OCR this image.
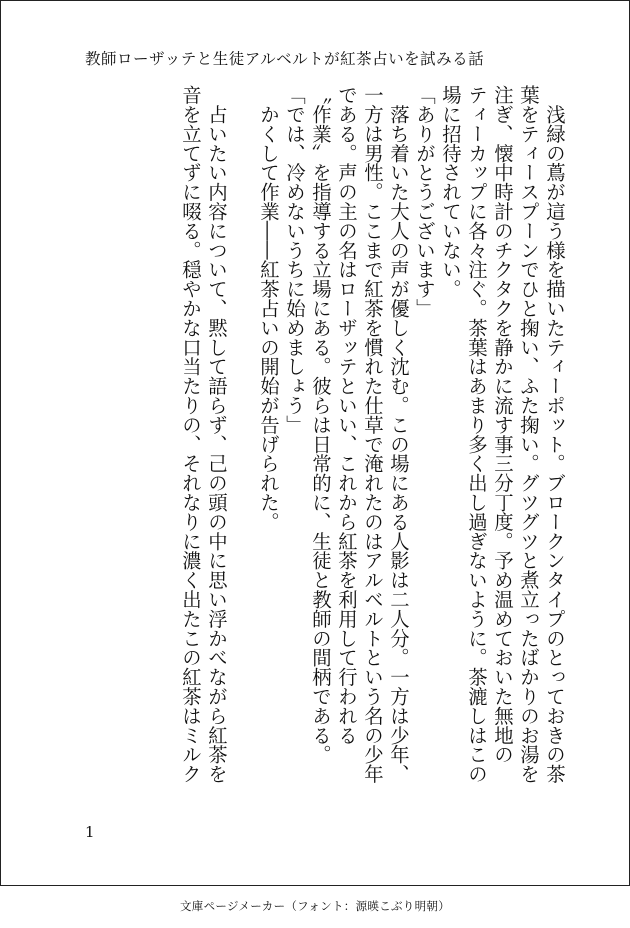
教師ローザッテと生徒アルベルトが紅茶占いを試みる話
　浅緑の蔦が這う様を描いたティーポット。ブロークンタイプのとっておきの茶
葉をティースプーンでひと掬い、ふた掬い。グツグツと煮立ったばかりのお湯を
注ぎ、懐中時計のチクタクを静かに流す事三分丁度。予め温めておいた無地の
ティーカップに各々注ぐ。茶葉はあまり多く出し過ぎないように。茶漉しはこの
場に招待されていない。
「ありがとうございます」
　落ち着いた大人の声が優しく沈む。この場にある人影は二人分。一方は少年、
一方は男性。ここまで紅茶を慣れた仕草で淹れたのはアルベルトという名の少年
である。声の主の名はローザッテといい、これから紅茶を利用して行われる
〝作業〟を指導する立場にある。彼らは日常的に、生徒と教師の間柄である。
「では、冷めないうちに始めましょう」
　かくして作業――紅茶占いの開始が告げられた。

　占いたい内容について、黙して語らず、己の頭の中に思い浮かべながら紅茶を
音を立てずに啜る。穏やかな口当たりの、それなりに濃く出たこの紅茶はミルク
1
文庫ページメーカー（フォント：源暎こぶり明朝）
